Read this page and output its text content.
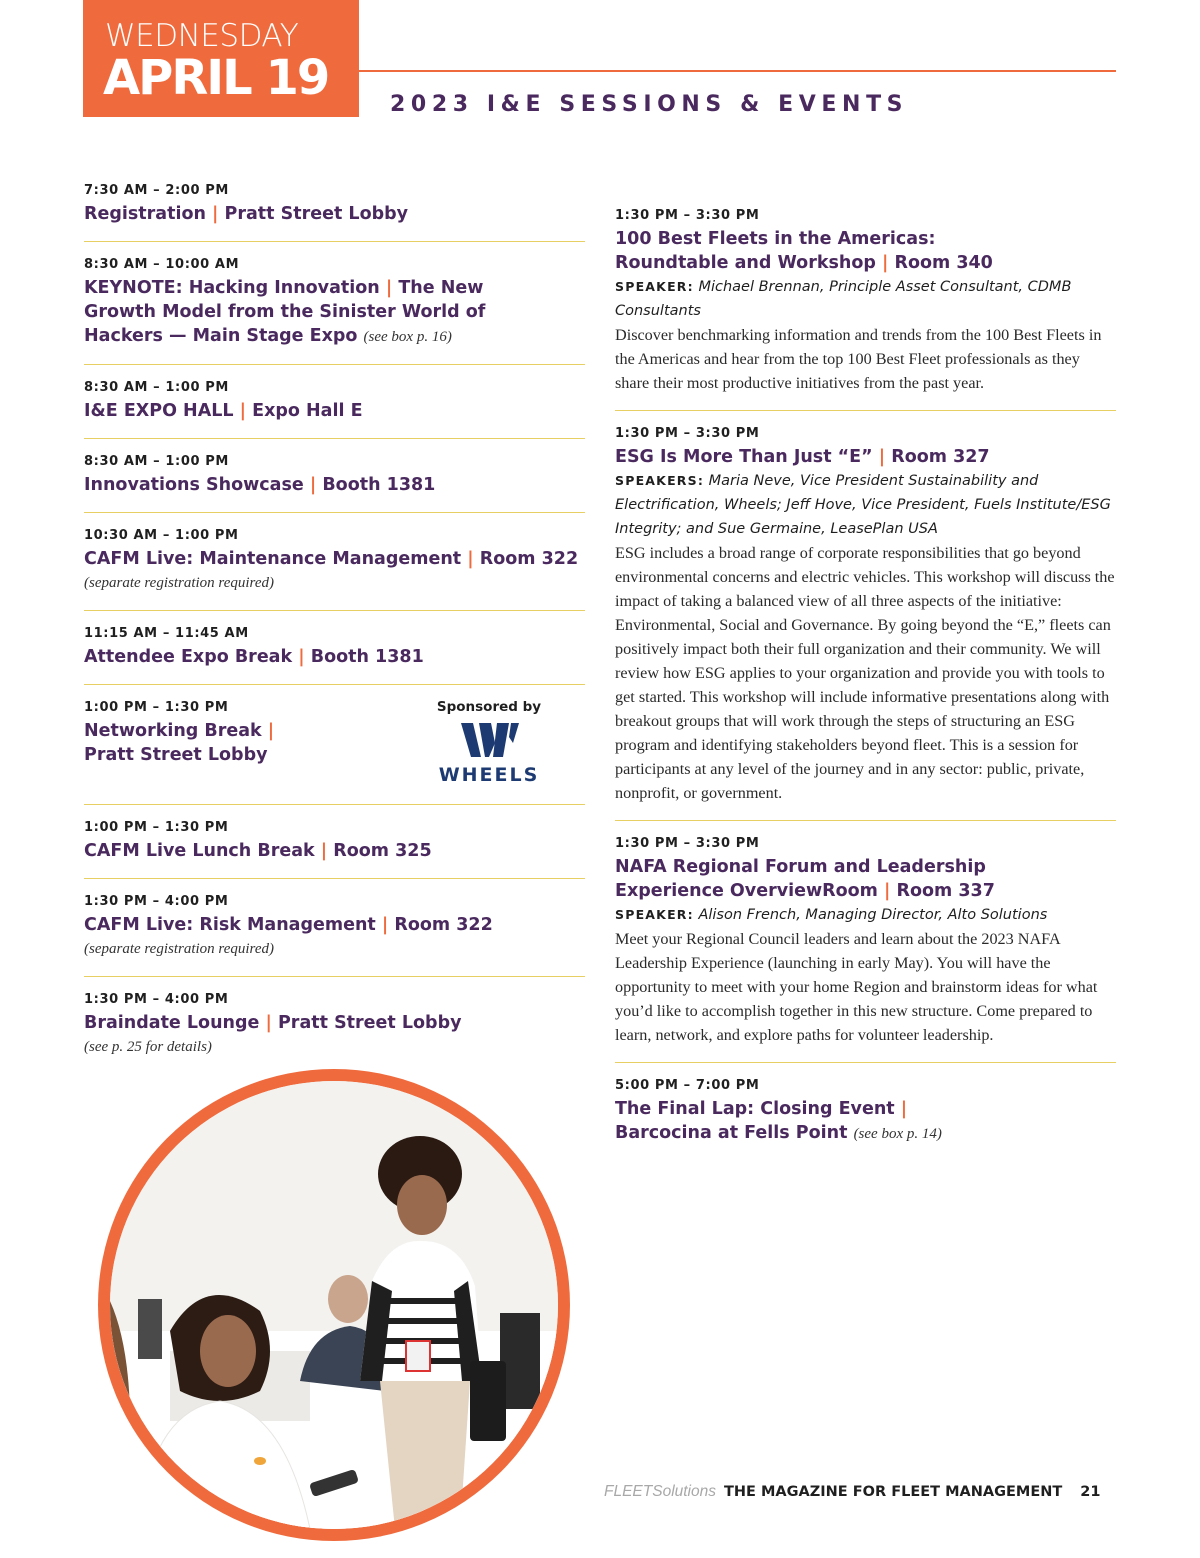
WEDNESDAY
APRIL 19	2023 I&E SESSIONS & EVENTS
7:30 AM – 2:00 PM
Registration | Pratt Street Lobby
8:30 AM – 10:00 AM
KEYNOTE: Hacking Innovation | The New Growth Model from the Sinister World of Hackers — Main Stage Expo (see box p. 16)
8:30 AM – 1:00 PM
I&E EXPO HALL | Expo Hall E
8:30 AM – 1:00 PM
Innovations Showcase | Booth 1381
10:30 AM – 1:00 PM
CAFM Live: Maintenance Management | Room 322
(separate registration required)
11:15 AM – 11:45 AM
Attendee Expo Break | Booth 1381
1:00 PM – 1:30 PM
Networking Break |
Pratt Street Lobby
Sponsored by
WHEELS
1:00 PM – 1:30 PM
CAFM Live Lunch Break | Room 325
1:30 PM – 4:00 PM
CAFM Live: Risk Management | Room 322
(separate registration required)
1:30 PM – 4:00 PM
Braindate Lounge | Pratt Street Lobby
(see p. 25 for details)
1:30 PM – 3:30 PM
100 Best Fleets in the Americas: Roundtable and Workshop | Room 340
SPEAKER: Michael Brennan, Principle Asset Consultant, CDMB Consultants
Discover benchmarking information and trends from the 100 Best Fleets in the Americas and hear from the top 100 Best Fleet professionals as they share their most productive initiatives from the past year.
1:30 PM – 3:30 PM
ESG Is More Than Just “E” | Room 327
SPEAKERS: Maria Neve, Vice President Sustainability and Electrification, Wheels; Jeff Hove, Vice President, Fuels Institute/ESG Integrity; and Sue Germaine, LeasePlan USA
ESG includes a broad range of corporate responsibilities that go beyond environmental concerns and electric vehicles. This workshop will discuss the impact of taking a balanced view of all three aspects of the initiative: Environmental, Social and Governance. By going beyond the “E,” fleets can positively impact both their full organization and their community. We will review how ESG applies to your organization and provide you with tools to get started. This workshop will include informative presentations along with breakout groups that will work through the steps of structuring an ESG program and identifying stakeholders beyond fleet. This is a session for participants at any level of the journey and in any sector: public, private, nonprofit, or government.
1:30 PM – 3:30 PM
NAFA Regional Forum and Leadership Experience OverviewRoom | Room 337
SPEAKER: Alison French, Managing Director, Alto Solutions
Meet your Regional Council leaders and learn about the 2023 NAFA Leadership Experience (launching in early May). You will have the opportunity to meet with your home Region and brainstorm ideas for what you’d like to accomplish together in this new structure. Come prepared to learn, network, and explore paths for volunteer leadership.
5:00 PM – 7:00 PM
The Final Lap: Closing Event |
Barcocina at Fells Point (see box p. 14)
FLEETSolutions THE MAGAZINE FOR FLEET MANAGEMENT 21
